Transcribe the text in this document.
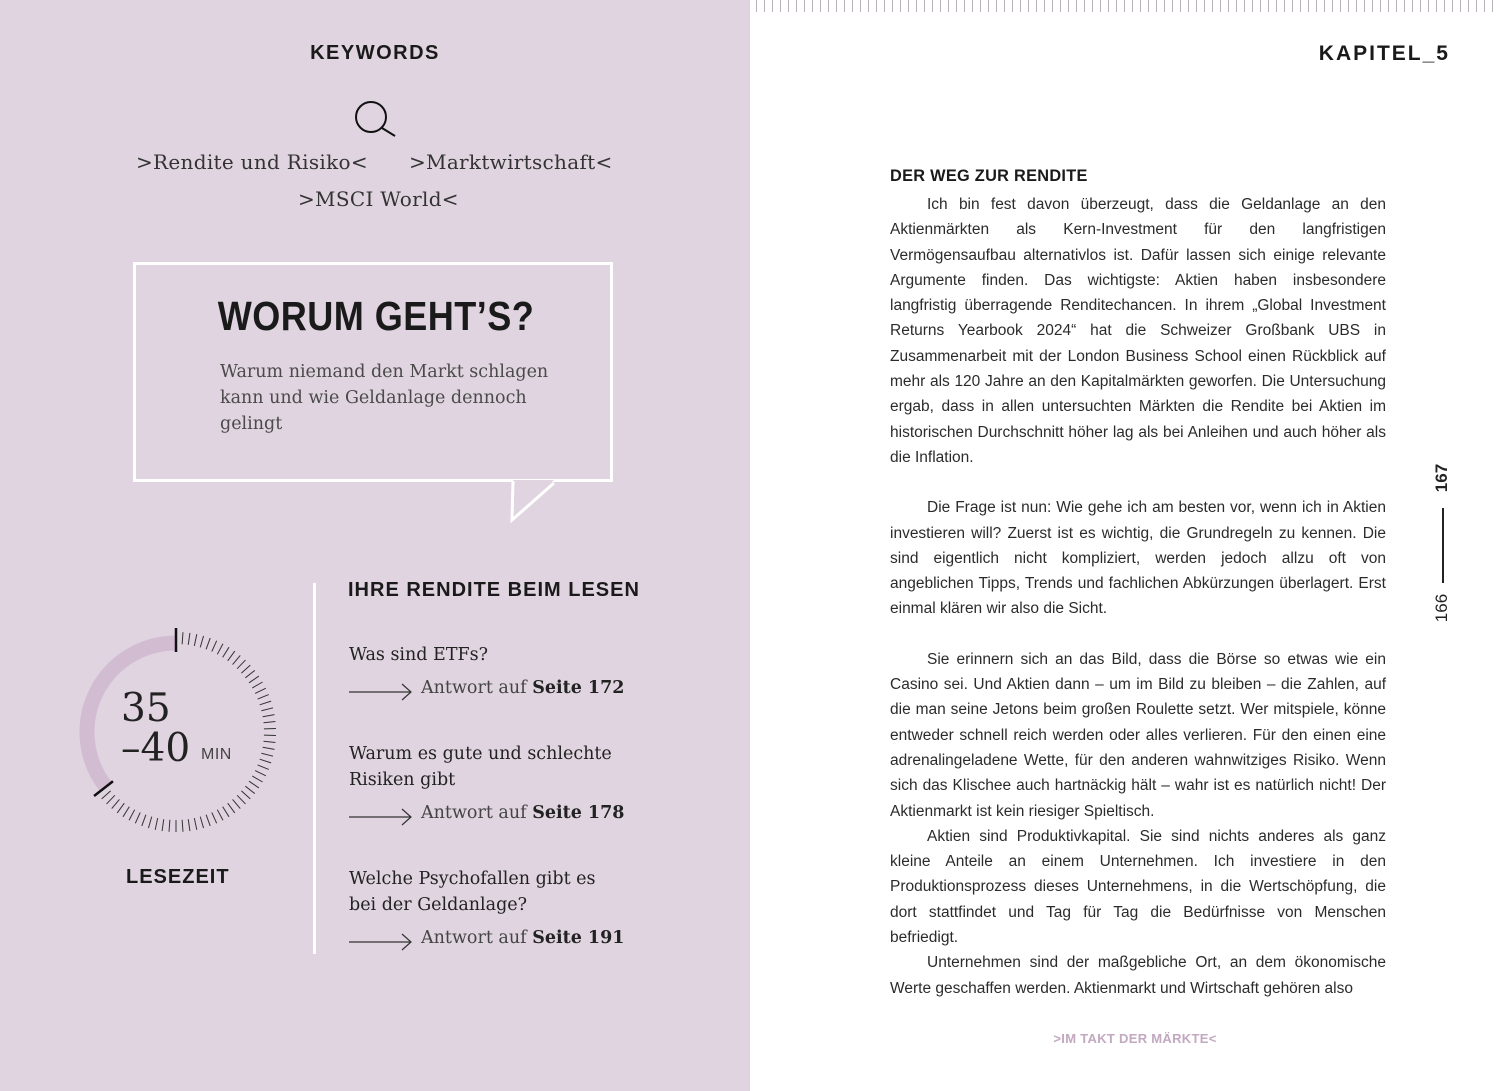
KEYWORDS
>Rendite und Risiko< >Marktwirtschaft<
>MSCI World<
WORUM GEHT’S?
Warum niemand den Markt schlagen kann und wie Geldanlage dennoch gelingt
35
–40 MIN
LESEZEIT
IHRE RENDITE BEIM LESEN
Was sind ETFs?
Antwort auf Seite 172
Warum es gute und schlechte Risiken gibt
Antwort auf Seite 178
Welche Psychofallen gibt es bei der Geldanlage?
Antwort auf Seite 191
KAPITEL_5
DER WEG ZUR RENDITE

Ich bin fest davon überzeugt, dass die Geldanlage an den Aktienmärkten als Kern-Investment für den langfristigen Vermögensaufbau alternativlos ist. Dafür lassen sich einige relevante Argumente finden. Das wichtigste: Aktien haben insbesondere langfristig überragende Renditechancen. In ihrem „Global Investment Returns Yearbook 2024“ hat die Schweizer Großbank UBS in Zusammenarbeit mit der London Business School einen Rückblick auf mehr als 120 Jahre an den Kapitalmärkten geworfen. Die Untersuchung ergab, dass in allen untersuchten Märkten die Rendite bei Aktien im historischen Durchschnitt höher lag als bei Anleihen und auch höher als die Inflation.

Die Frage ist nun: Wie gehe ich am besten vor, wenn ich in Aktien investieren will? Zuerst ist es wichtig, die Grundregeln zu kennen. Die sind eigentlich nicht kompliziert, werden jedoch allzu oft von angeblichen Tipps, Trends und fachlichen Abkürzungen überlagert. Erst einmal klären wir also die Sicht.

Sie erinnern sich an das Bild, dass die Börse so etwas wie ein Casino sei. Und Aktien dann – um im Bild zu bleiben – die Zahlen, auf die man seine Jetons beim großen Roulette setzt. Wer mitspiele, könne entweder schnell reich werden oder alles verlieren. Für den einen eine adrenalingeladene Wette, für den anderen wahnwitziges Risiko. Wenn sich das Klischee auch hartnäckig hält – wahr ist es natürlich nicht! Der Aktienmarkt ist kein riesiger Spieltisch.

Aktien sind Produktivkapital. Sie sind nichts anderes als ganz kleine Anteile an einem Unternehmen. Ich investiere in den Produktionsprozess dieses Unternehmens, in die Wertschöpfung, die dort stattfindet und Tag für Tag die Bedürfnisse von Menschen befriedigt.

Unternehmen sind der maßgebliche Ort, an dem ökonomische Werte geschaffen werden. Aktienmarkt und Wirtschaft gehören also

167
166
>IM TAKT DER MÄRKTE<
